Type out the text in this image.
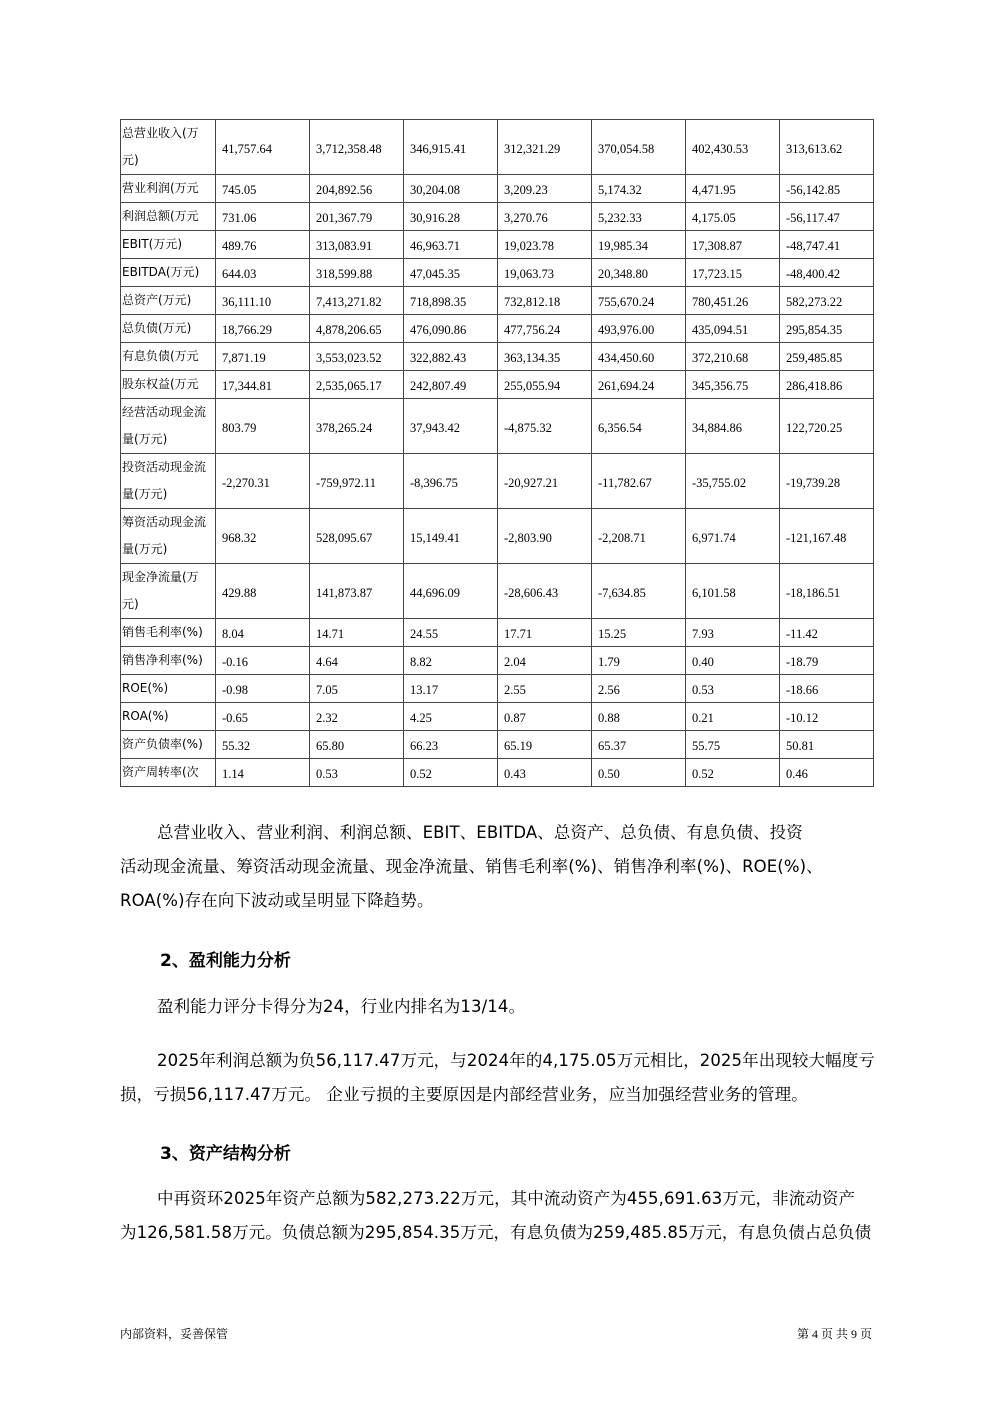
总营业收入(万元)	41,757.64	3,712,358.48	346,915.41	312,321.29	370,054.58	402,430.53	313,613.62
营业利润(万元	745.05	204,892.56	30,204.08	3,209.23	5,174.32	4,471.95	-56,142.85
利润总额(万元	731.06	201,367.79	30,916.28	3,270.76	5,232.33	4,175.05	-56,117.47
EBIT(万元)	489.76	313,083.91	46,963.71	19,023.78	19,985.34	17,308.87	-48,747.41
EBITDA(万元)	644.03	318,599.88	47,045.35	19,063.73	20,348.80	17,723.15	-48,400.42
总资产(万元)	36,111.10	7,413,271.82	718,898.35	732,812.18	755,670.24	780,451.26	582,273.22
总负债(万元)	18,766.29	4,878,206.65	476,090.86	477,756.24	493,976.00	435,094.51	295,854.35
有息负债(万元	7,871.19	3,553,023.52	322,882.43	363,134.35	434,450.60	372,210.68	259,485.85
股东权益(万元	17,344.81	2,535,065.17	242,807.49	255,055.94	261,694.24	345,356.75	286,418.86
经营活动现金流量(万元)	803.79	378,265.24	37,943.42	-4,875.32	6,356.54	34,884.86	122,720.25
投资活动现金流量(万元)	-2,270.31	-759,972.11	-8,396.75	-20,927.21	-11,782.67	-35,755.02	-19,739.28
筹资活动现金流量(万元)	968.32	528,095.67	15,149.41	-2,803.90	-2,208.71	6,971.74	-121,167.48
现金净流量(万元)	429.88	141,873.87	44,696.09	-28,606.43	-7,634.85	6,101.58	-18,186.51
销售毛利率(%)	8.04	14.71	24.55	17.71	15.25	7.93	-11.42
销售净利率(%)	-0.16	4.64	8.82	2.04	1.79	0.40	-18.79
ROE(%)	-0.98	7.05	13.17	2.55	2.56	0.53	-18.66
ROA(%)	-0.65	2.32	4.25	0.87	0.88	0.21	-10.12
资产负债率(%)	55.32	65.80	66.23	65.19	65.37	55.75	50.81
资产周转率(次	1.14	0.53	0.52	0.43	0.50	0.52	0.46
总营业收入、营业利润、利润总额、EBIT、EBITDA、总资产、总负债、有息负债、投资
活动现金流量、筹资活动现金流量、现金净流量、销售毛利率(%)、销售净利率(%)、ROE(%)、
ROA(%)存在向下波动或呈明显下降趋势。
2、盈利能力分析
盈利能力评分卡得分为24，行业内排名为13/14。
2025年利润总额为负56,117.47万元，与2024年的4,175.05万元相比，2025年出现较大幅度亏
损，亏损56,117.47万元。 企业亏损的主要原因是内部经营业务，应当加强经营业务的管理。
3、资产结构分析
中再资环2025年资产总额为582,273.22万元，其中流动资产为455,691.63万元，非流动资产
为126,581.58万元。负债总额为295,854.35万元，有息负债为259,485.85万元，有息负债占总负债
内部资料，妥善保管	第 4 页 共 9 页
